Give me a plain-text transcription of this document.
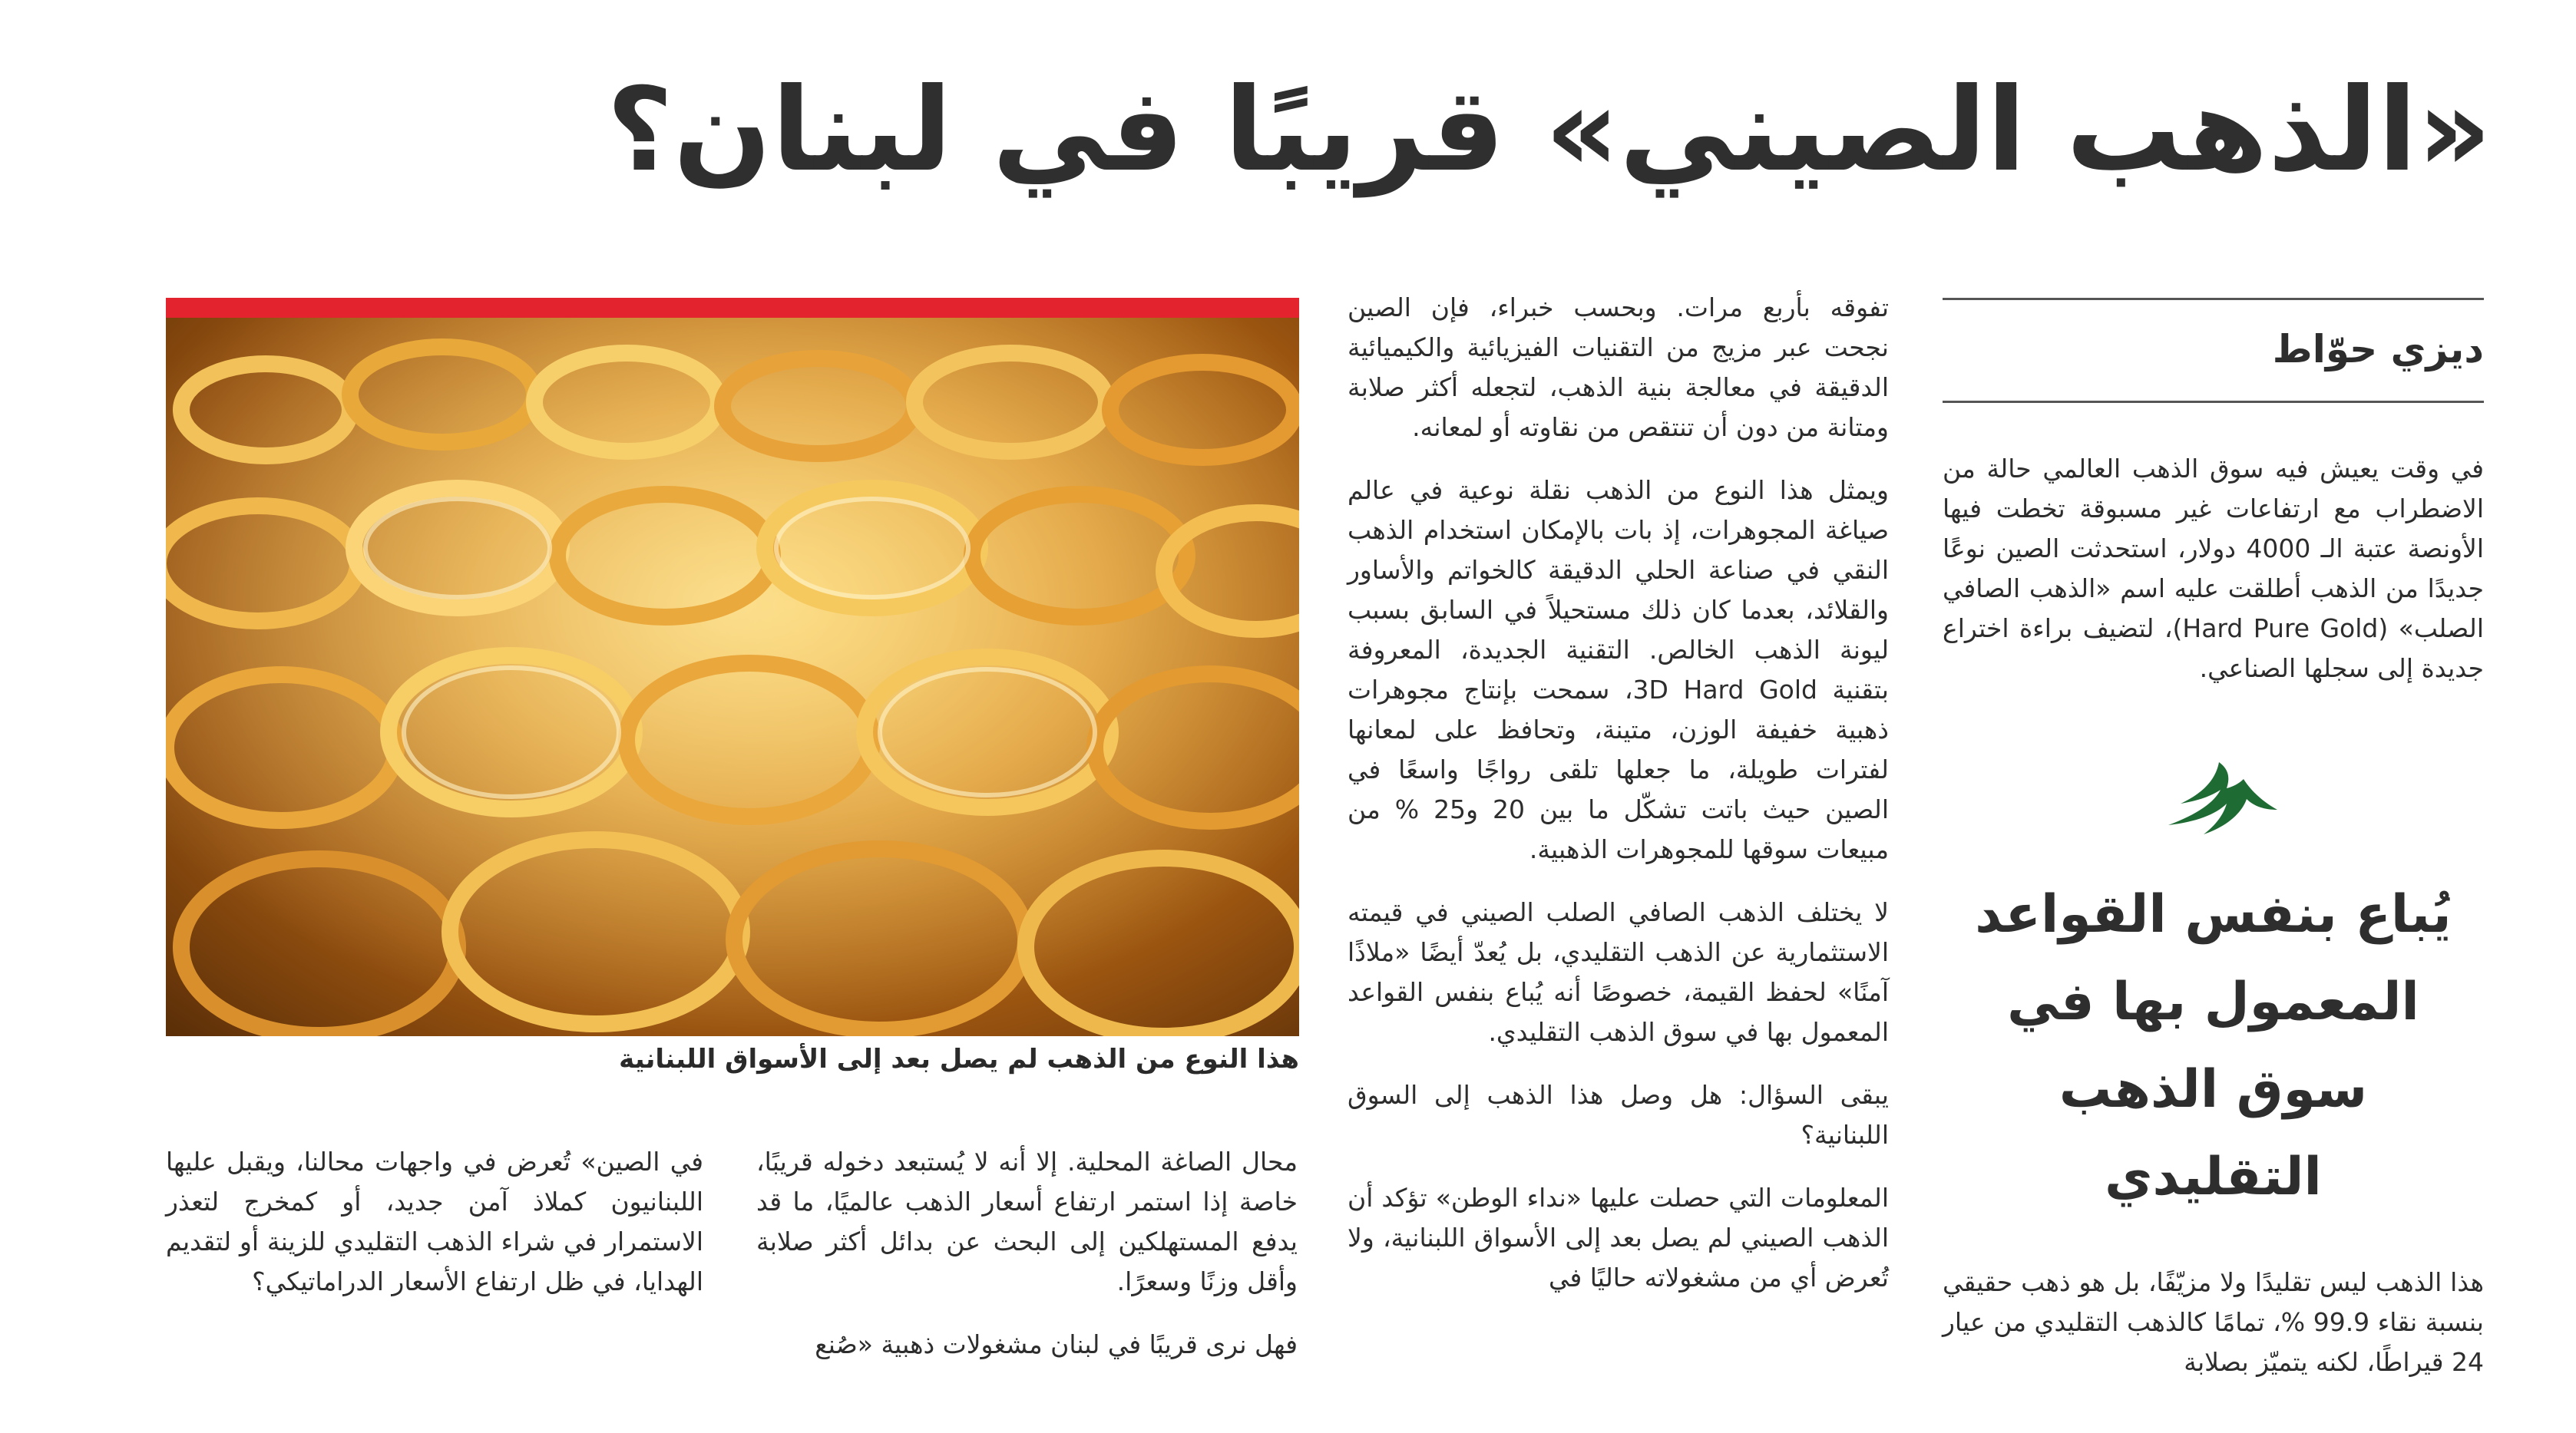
«الذهب الصيني» قريبًا في لبنان؟
ديزي حوّاط

في وقت يعيش فيه سوق الذهب العالمي حالة من الاضطراب مع ارتفاعات غير مسبوقة تخطت فيها الأونصة عتبة الـ 4000 دولار، استحدثت الصين نوعًا جديدًا من الذهب أطلقت عليه اسم «الذهب الصافي الصلب» (Hard Pure Gold)، لتضيف براءة اختراع جديدة إلى سجلها الصناعي.

يُباع بنفس القواعد المعمول بها في سوق الذهب التقليدي

هذا الذهب ليس تقليدًا ولا مزيّفًا، بل هو ذهب حقيقي بنسبة نقاء 99.9 %، تمامًا كالذهب التقليدي من عيار 24 قيراطًا، لكنه يتميّز بصلابة

تفوقه بأربع مرات. وبحسب خبراء، فإن الصين نجحت عبر مزيج من التقنيات الفيزيائية والكيميائية الدقيقة في معالجة بنية الذهب، لتجعله أكثر صلابة ومتانة من دون أن تنتقص من نقاوته أو لمعانه.

ويمثل هذا النوع من الذهب نقلة نوعية في عالم صياغة المجوهرات، إذ بات بالإمكان استخدام الذهب النقي في صناعة الحلي الدقيقة كالخواتم والأساور والقلائد، بعدما كان ذلك مستحيلاً في السابق بسبب ليونة الذهب الخالص. التقنية الجديدة، المعروفة بتقنية 3D Hard Gold، سمحت بإنتاج مجوهرات ذهبية خفيفة الوزن، متينة، وتحافظ على لمعانها لفترات طويلة، ما جعلها تلقى رواجًا واسعًا في الصين حيث باتت تشكّل ما بين 20 و25 % من مبيعات سوقها للمجوهرات الذهبية.

لا يختلف الذهب الصافي الصلب الصيني في قيمته الاستثمارية عن الذهب التقليدي، بل يُعدّ أيضًا «ملاذًا آمنًا» لحفظ القيمة، خصوصًا أنه يُباع بنفس القواعد المعمول بها في سوق الذهب التقليدي.

يبقى السؤال: هل وصل هذا الذهب إلى السوق اللبنانية؟

المعلومات التي حصلت عليها «نداء الوطن» تؤكد أن الذهب الصيني لم يصل بعد إلى الأسواق اللبنانية، ولا تُعرض أي من مشغولاته حاليًا في

هذا النوع من الذهب لم يصل بعد إلى الأسواق اللبنانية

محال الصاغة المحلية. إلا أنه لا يُستبعد دخوله قريبًا، خاصة إذا استمر ارتفاع أسعار الذهب عالميًا، ما قد يدفع المستهلكين إلى البحث عن بدائل أكثر صلابة وأقل وزنًا وسعرًا.

فهل نرى قريبًا في لبنان مشغولات ذهبية «صُنع

في الصين» تُعرض في واجهات محالنا، ويقبل عليها اللبنانيون كملاذ آمن جديد، أو كمخرج لتعذر الاستمرار في شراء الذهب التقليدي للزينة أو لتقديم الهدايا، في ظل ارتفاع الأسعار الدراماتيكي؟
